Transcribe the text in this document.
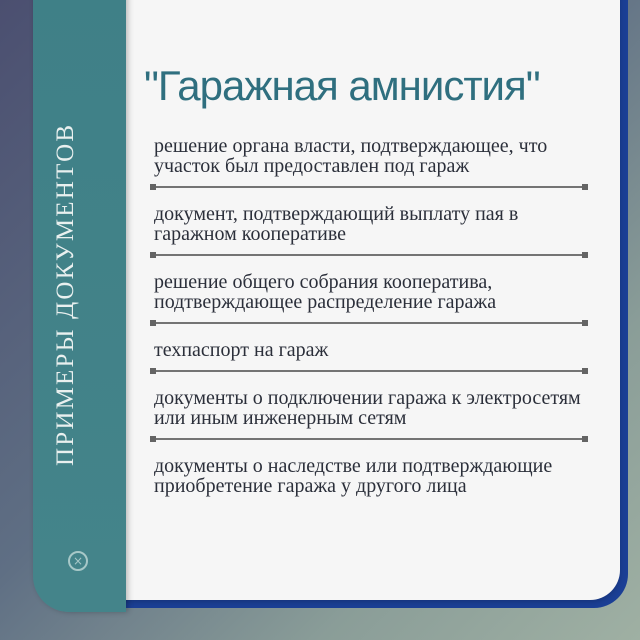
ПРИМЕРЫ ДОКУМЕНТОВ
×
"Гаражная амнистия"
решение органа власти, подтверждающее, что участок был предоставлен под гараж
документ, подтверждающий выплату пая в гаражном кооперативе
решение общего собрания кооператива, подтверждающее распределение гаража
техпаспорт на гараж
документы о подключении гаража к электросетям или иным инженерным сетям
документы о наследстве или подтверждающие приобретение гаража у другого лица
